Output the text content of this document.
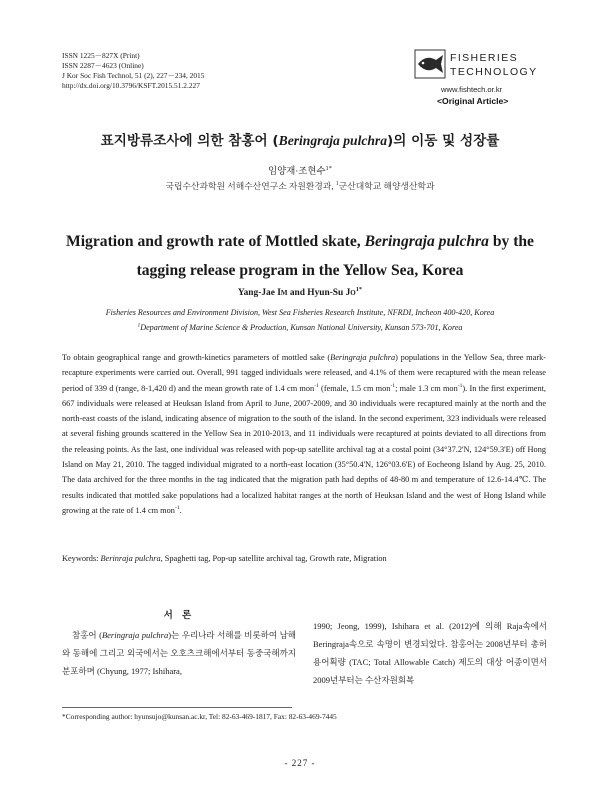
ISSN 1225－827X (Print)
ISSN 2287－4623 (Online)
J Kor Soc Fish Technol, 51 (2), 227－234, 2015
http://dx.doi.org/10.3796/KSFT.2015.51.2.227
FISHERIES
TECHNOLOGY
www.fishtech.or.kr
<Original Article>
표지방류조사에 의한 참홍어 (Beringraja pulchra)의 이동 및 성장률
임양재·조현수$^{1*}$
국립수산과학원 서해수산연구소 자원환경과, $^1$군산대학교 해양생산학과
Migration and growth rate of Mottled skate, Beringraja pulchra by the tagging release program in the Yellow Sea, Korea
Yang-Jae Im and Hyun-Su $Jo^{1*}$
Fisheries Resources and Environment Division, West Sea Fisheries Research Institute, NFRDI, Incheon 400-420, Korea
$^1$Department of Marine Science & Production, Kunsan National University, Kunsan 573-701, Korea
To obtain geographical range and growth-kinetics parameters of mottled sake (Beringraja pulchra) populations in the Yellow Sea, three mark-recapture experiments were carried out. Overall, 991 tagged individuals were released, and 4.1% of them were recaptured with the mean release period of 339 d (range, 8-1,420 d) and the mean growth rate of 1.4 cm mon$^{-1}$ (female, 1.5 cm mon$^{-1}$; male 1.3 cm mon$^{-1}$). In the first experiment, 667 individuals were released at Heuksan Island from April to June, 2007-2009, and 30 individuals were recaptured mainly at the north and the north-east coasts of the island, indicating absence of migration to the south of the island. In the second experiment, 323 individuals were released at several fishing grounds scattered in the Yellow Sea in 2010-2013, and 11 individuals were recaptured at points deviated to all directions from the releasing points. As the last, one individual was released with pop-up satellite archival tag at a costal point (34°37.2'N, 124°59.3'E) off Hong Island on May 21, 2010. The tagged individual migrated to a north-east location (35°50.4'N, 126°03.6'E) of Eocheong Island by Aug. 25, 2010. The data archived for the three months in the tag indicated that the migration path had depths of 48-80 m and temperature of 12.6-14.4℃. The results indicated that mottled sake populations had a localized habitat ranges at the north of Heuksan Island and the west of Hong Island while growing at the rate of 1.4 cm mon$^{-1}$.
Keywords: Berinraja pulchra, Spaghetti tag, Pop-up satellite archival tag, Growth rate, Migration
서 론
참홍어 (Beringraja pulchra)는 우리나라 서해를 비롯하여 남해와 동해에 그리고 외국에서는 오호츠크해에서부터 동중국해까지 분포하며 (Chyung, 1977; Ishihara,
1990; Jeong, 1999), Ishihara et al. (2012)에 의해 Raja속에서 Beringraja속으로 속명이 변경되었다. 참홍어는 2008년부터 총허용어획량 (TAC; Total Allowable Catch) 제도의 대상 어종이면서 2009년부터는 수산자원회복
*Corresponding author: hyunsujo@kunsan.ac.kr, Tel: 82-63-469-1817, Fax: 82-63-469-7445
- 227 -
